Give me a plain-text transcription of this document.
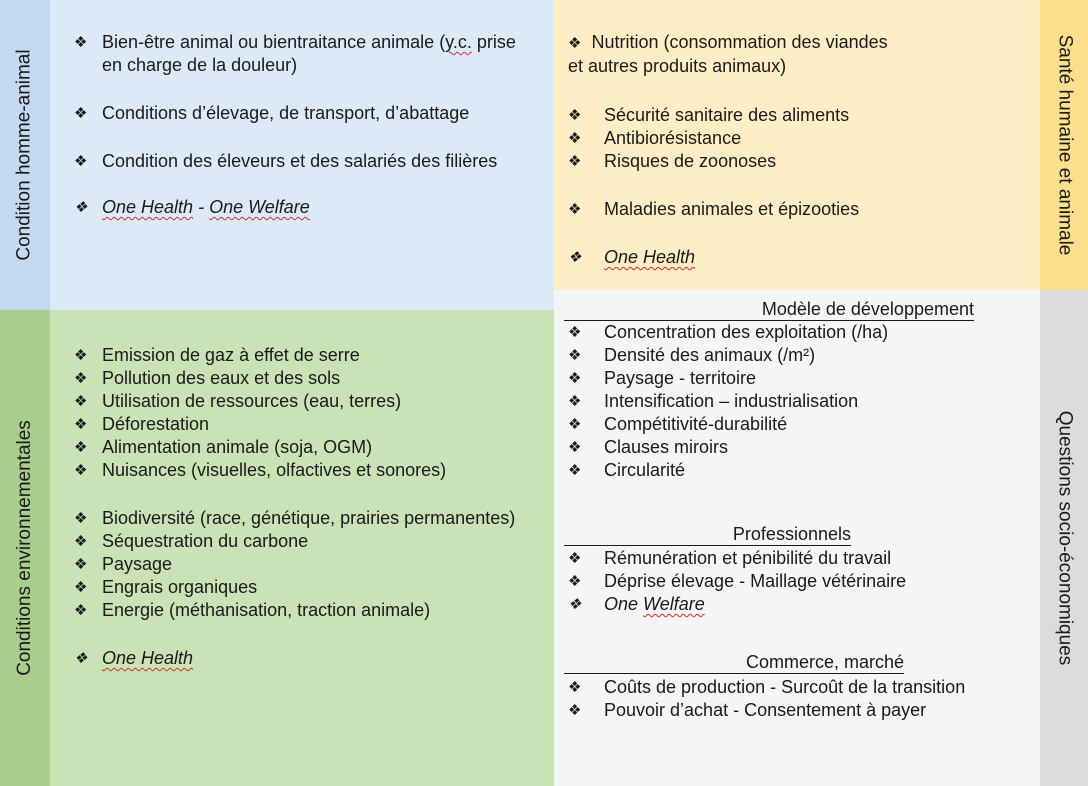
Condition homme-animal
❖ Bien-être animal ou bientraitance animale (y.c. prise en charge de la douleur)
❖ Conditions d’élevage, de transport, d’abattage
❖ Condition des éleveurs et des salariés des filières
❖ One Health - One Welfare
Conditions environnementales
❖ Emission de gaz à effet de serre
❖ Pollution des eaux et des sols
❖ Utilisation de ressources (eau, terres)
❖ Déforestation
❖ Alimentation animale (soja, OGM)
❖ Nuisances (visuelles, olfactives et sonores)
❖ Biodiversité (race, génétique, prairies permanentes)
❖ Séquestration du carbone
❖ Paysage
❖ Engrais organiques
❖ Energie (méthanisation, traction animale)
❖ One Health
❖ Nutrition (consommation des viandes
et autres produits animaux)
❖ Sécurité sanitaire des aliments
❖ Antibiorésistance
❖ Risques de zoonoses
❖ Maladies animales et épizooties
❖ One Health
Santé humaine et animale
Modèle de développement
❖ Concentration des exploitation (/ha)
❖ Densité des animaux (/m²)
❖ Paysage - territoire
❖ Intensification – industrialisation
❖ Compétitivité-durabilité
❖ Clauses miroirs
❖ Circularité
Professionnels
❖ Rémunération et pénibilité du travail
❖ Déprise élevage - Maillage vétérinaire
❖ One Welfare
Commerce, marché
❖ Coûts de production - Surcoût de la transition
❖ Pouvoir d’achat - Consentement à payer
Questions socio-économiques
